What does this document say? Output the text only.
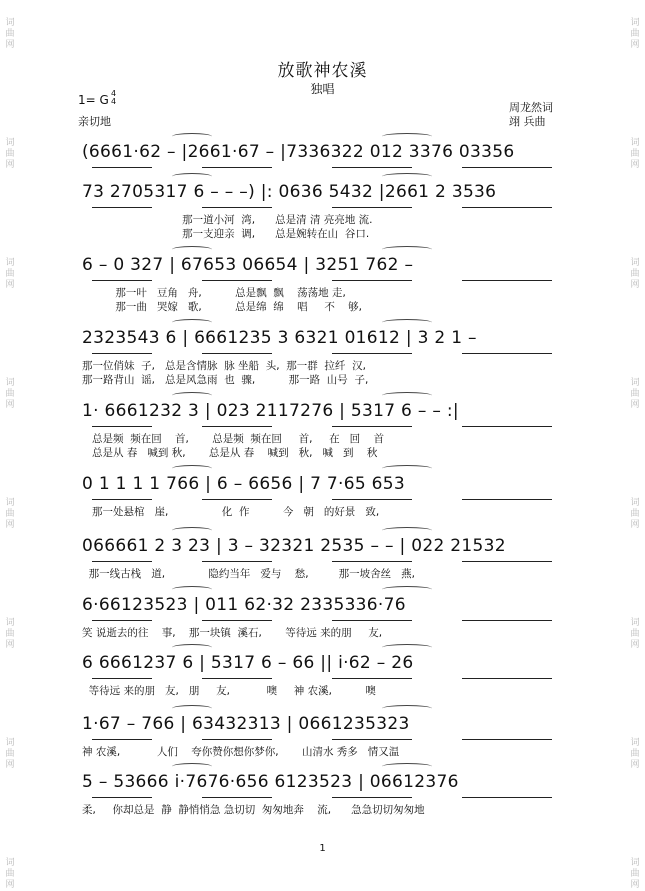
词
曲
网
词
曲
网
词
曲
网
词
曲
网
词
曲
网
词
曲
网
词
曲
网
词
曲
网
词
曲
网
词
曲
网
词
曲
网
词
曲
网
词
曲
网
词
曲
网
词
曲
网
词
曲
网
放歌神农溪
独唱
1= G 4
4
亲切地
周龙然词
翊 兵曲
(6661·62 – |2661·67 – |7336322 012 3376 03356
73 2705317 6 – – –) |: 0636 5432 |2661 2 3536
那一道小河  湾,      总是清 清 亮亮地 流.
那一支迎亲  调,      总是婉转在山  谷口.
6 – 0 327 | 67653 06654 | 3251 762 –
那一叶   豆角   舟,          总是飘  飘    荡荡地 走,
那一曲   哭嫁   歌,          总是绵  绵    唱     不    够,
2323543 6 | 6661235 3 6321 01612 | 3 2 1 –
那一位俏妹  子,   总是含情脉  脉 坐船  头,  那一群  拉纤  汉,
那一路背山  谣,   总是风急雨  也  骤,          那一路  山号  子,
1· 6661232 3 | 023 2117276 | 5317 6 – – :|
总是频  频在回    首,       总是频  频在回     首,     在   回    首
总是从 春   喊到 秋,       总是从 春    喊到   秋,   喊   到    秋
0 1 1 1 1 766 | 6 – 6656 | 7 7·65 653
那一处悬棺   崖,                化  作          今   朝   的好景   致,
066661 2 3 23 | 3 – 32321 2535 – – | 022 21532
那一线古栈   道,             隐约当年   爱与    愁,         那一坡舍丝   燕,
6·66123523 | 011 62·32 2335336·76
笑 说逝去的往    事,    那一块镇  溪石,       等待远 来的朋     友,
6 6661237 6 | 5317 6 – 66 || i·62 – 26
等待远 来的朋   友,   朋     友,           噢     神 农溪,          噢
1·67 – 766 | 63432313 | 0661235323
神 农溪,           人们    夸你赞你想你梦你,       山清水 秀多   情又温
5 – 53666 i·7676·656 6123523 | 06612376
柔,     你却总是  静  静悄悄急 急切切  匆匆地奔    流,      急急切切匆匆地
1
